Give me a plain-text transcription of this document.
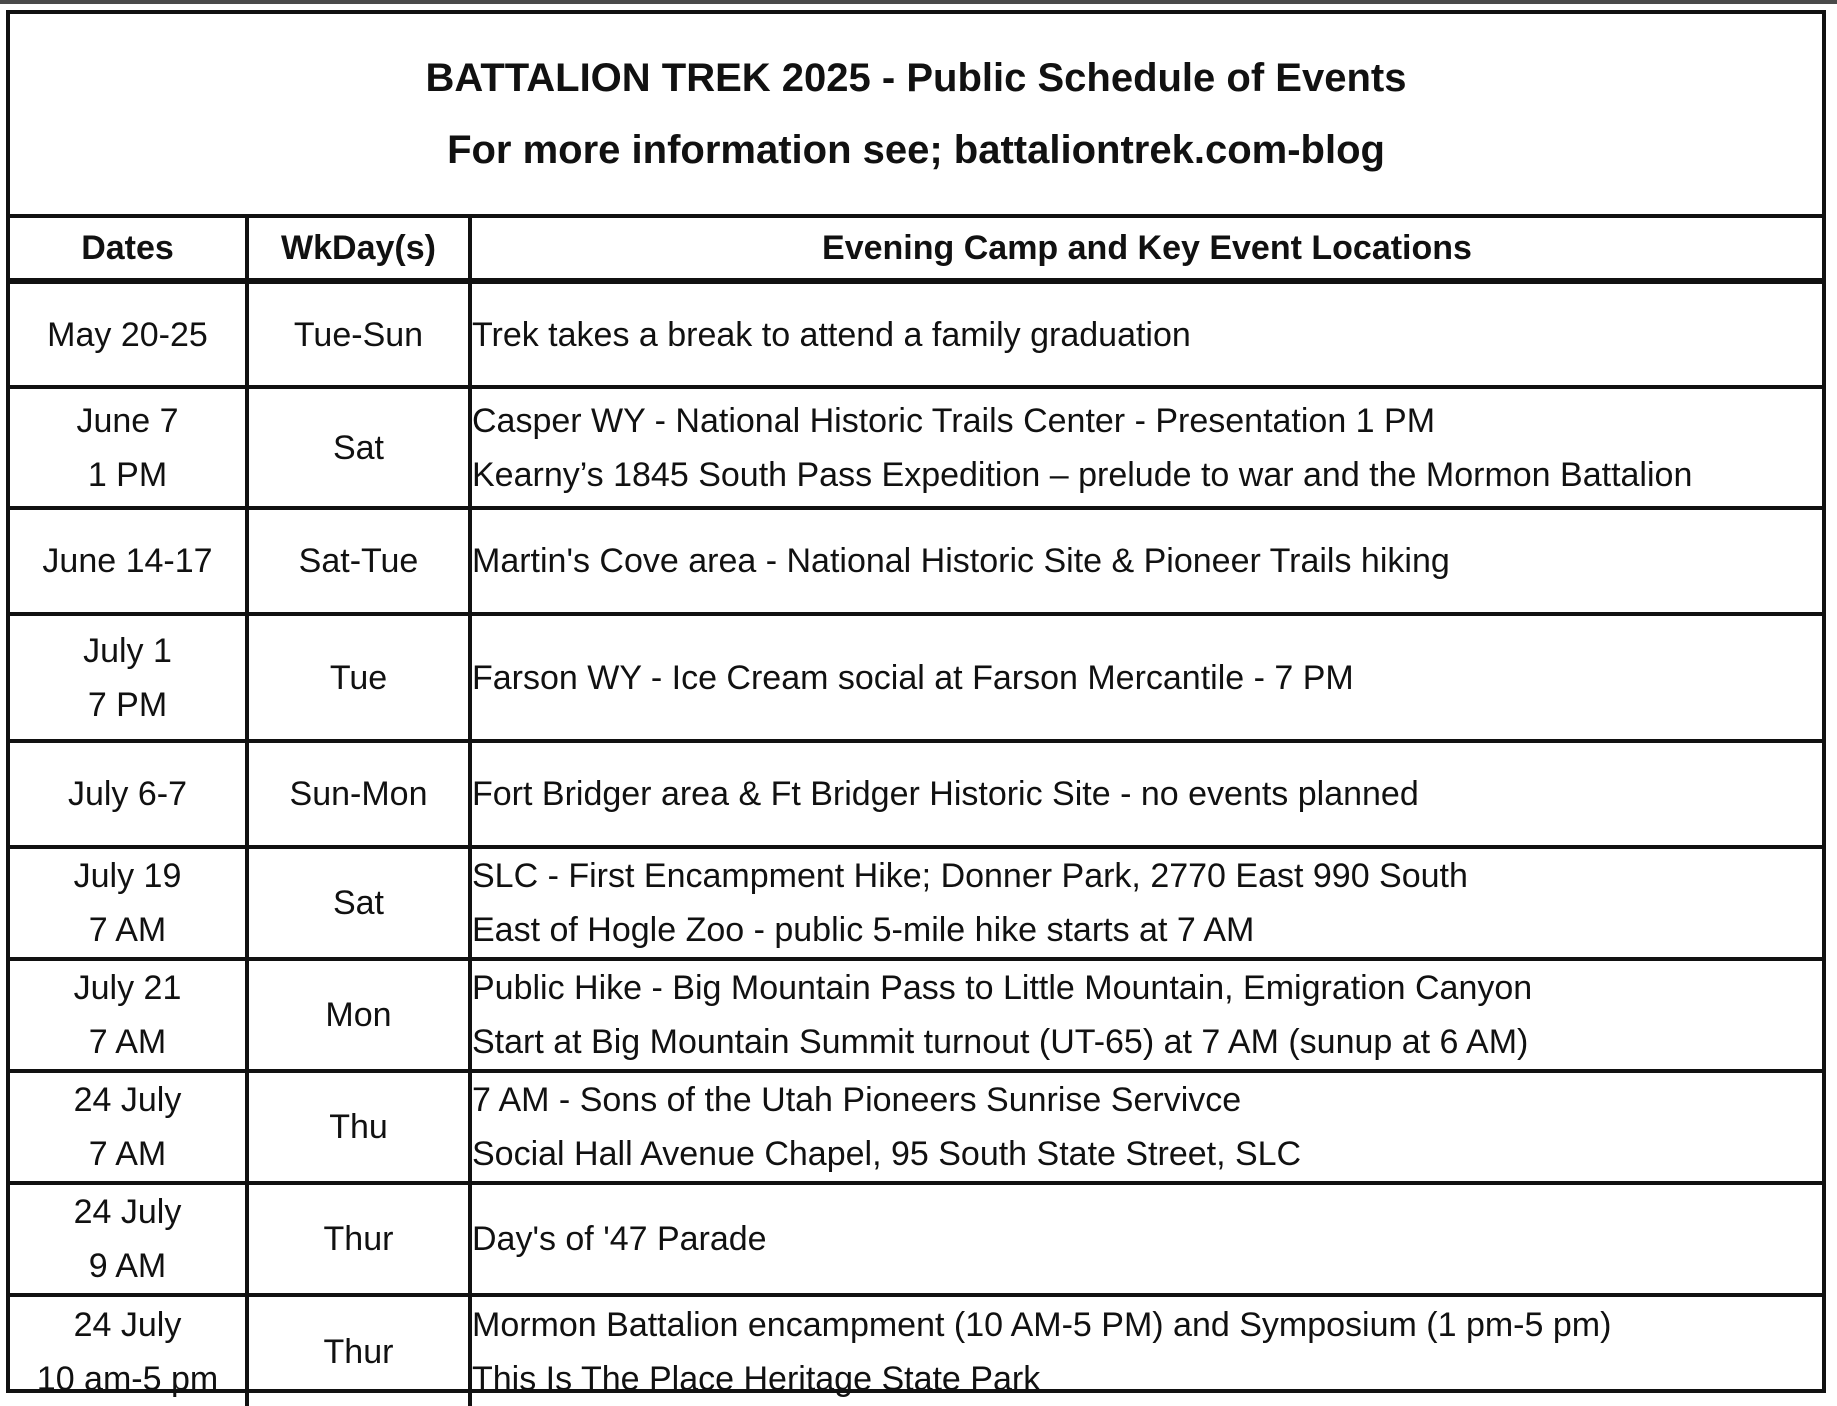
BATTALION TREK 2025 - Public Schedule of Events
For more information see; battaliontrek.com-blog
Dates	WkDay(s)	Evening Camp and Key Event Locations

May 20-25	Tue-Sun	Trek takes a break to attend a family graduation

June 7
1 PM	Sat	Casper WY - National Historic Trails Center - Presentation 1 PM
Kearny’s 1845 South Pass Expedition – prelude to war and the Mormon Battalion

June 14-17	Sat-Tue	Martin's Cove area - National Historic Site & Pioneer Trails hiking

July 1
7 PM	Tue	Farson WY - Ice Cream social at Farson Mercantile - 7 PM

July 6-7	Sun-Mon	Fort Bridger area & Ft Bridger Historic Site - no events planned

July 19
7 AM	Sat	SLC - First Encampment Hike; Donner Park, 2770 East 990 South
East of Hogle Zoo - public 5-mile hike starts at 7 AM

July 21
7 AM	Mon	Public Hike - Big Mountain Pass to Little Mountain, Emigration Canyon
Start at Big Mountain Summit turnout (UT-65) at 7 AM (sunup at 6 AM)

24 July
7 AM	Thu	7 AM - Sons of the Utah Pioneers Sunrise Servivce
Social Hall Avenue Chapel, 95 South State Street, SLC

24 July
9 AM	Thur	Day's of '47 Parade

24 July
10 am-5 pm	Thur	Mormon Battalion encampment (10 AM-5 PM) and Symposium (1 pm-5 pm)
This Is The Place Heritage State Park
